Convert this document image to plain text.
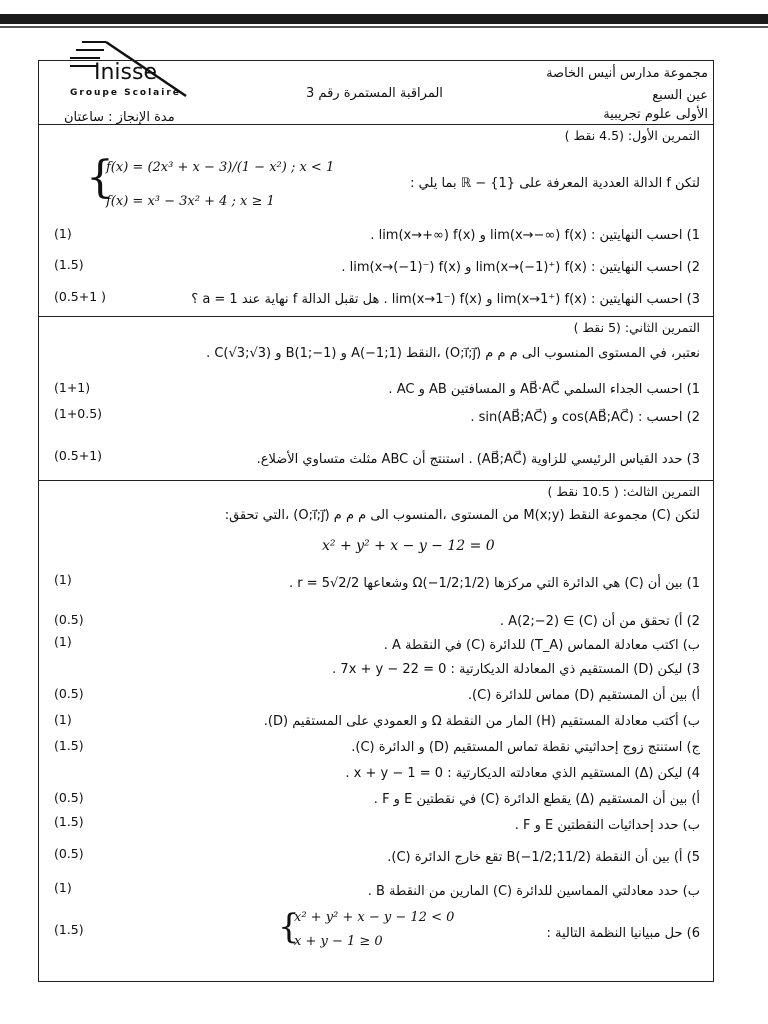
Inisse
Groupe Scolaire
مجموعة مدارس أنيس الخاصة
عين السبع
الأولى علوم تجريبية
المراقبة المستمرة رقم 3
مدة الإنجاز : ساعتان
التمرين الأول: (4.5 نقط )
{
f(x) = (2x³ + x − 3)/(1 − x²) ; x < 1
f(x) = x³ − 3x² + 4 ; x ≥ 1
لتكن f الدالة العددية المعرفة على ℝ − {1} بما يلي :
1) احسب النهايتين : lim(x→−∞) f(x) و lim(x→+∞) f(x) .
(1)
2) احسب النهايتين : lim(x→(−1)⁺) f(x) و lim(x→(−1)⁻) f(x) .
(1.5)
3) احسب النهايتين : lim(x→1⁺) f(x) و lim(x→1⁻) f(x) . هل تقبل الدالة f نهاية عند a = 1 ؟
(0.5+1 )
التمرين الثاني: (5 نقط )
نعتبر، في المستوى المنسوب الى م م م (O;i⃗;j⃗) ،النقط A(−1;1) و B(1;−1) و C(√3;√3) .
1) احسب الجداء السلمي AB⃗·AC⃗ و المسافتين AB و AC .
(1+1)
2) احسب : cos(AB⃗;AC⃗) و sin(AB⃗;AC⃗) .
(1+0.5)
3) حدد القياس الرئيسي للزاوية (AB⃗;AC⃗) . استنتج أن ABC مثلث متساوي الأضلاع.
(0.5+1)
التمرين الثالث: ( 10.5 نقط )
لتكن (C) مجموعة النقط M(x;y) من المستوى ،المنسوب الى م م م (O;i⃗;j⃗) ،التي تحقق:
x² + y² + x − y − 12 = 0
1) بين أن (C) هي الدائرة التي مركزها Ω(−1/2;1/2) وشعاعها r = 5√2/2 .
(1)
2) أ) تحقق من أن A(2;−2) ∈ (C) .
(0.5)
ب) اكتب معادلة المماس (T_A) للدائرة (C) في النقطة A .
(1)
3) ليكن (D) المستقيم ذي المعادلة الديكارتية : 7x + y − 22 = 0 .
أ) بين أن المستقيم (D) مماس للدائرة (C).
(0.5)
ب) أكتب معادلة المستقيم (H) المار من النقطة Ω و العمودي على المستقيم (D).
(1)
ج) استنتج زوج إحداثيتي نقطة تماس المستقيم (D) و الدائرة (C).
(1.5)
4) ليكن (Δ) المستقيم الذي معادلته الديكارتية : x + y − 1 = 0 .
أ) بين أن المستقيم (Δ) يقطع الدائرة (C) في نقطتين E و F .
(0.5)
ب) حدد إحداثيات النقطتين E و F .
(1.5)
5) أ) بين أن النقطة B(−1/2;11/2) تقع خارج الدائرة (C).
(0.5)
ب) حدد معادلتي المماسين للدائرة (C) المارين من النقطة B .
(1)
6) حل مبيانيا النظمة التالية :
{
x² + y² + x − y − 12 < 0
x + y − 1 ≥ 0
(1.5)
